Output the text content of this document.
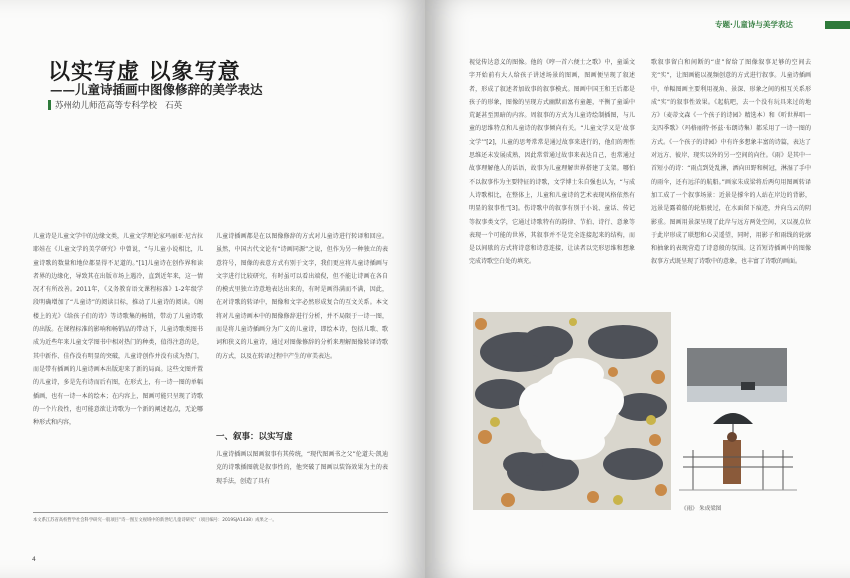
以实写虚 以象写意
——儿童诗插画中图像修辞的美学表达
苏州幼儿师范高等专科学校 石英
儿童诗是儿童文学中的边缘文类，儿童文学理论家玛丽亚·尼古拉耶娃在《儿童文学的美学研究》中曾说，“与儿童小说相比，儿童诗歌的数量和地位都显得不足道的。”[1]儿童诗在创作界和读者界的边缘化，导致其在出版市场上遇冷，直到近年来，这一情况才有所改善。2011年，《义务教育语文课程标准》1-2年级学段明确增加了“儿童诗”的阅读目标，推动了儿童诗的阅读。《阁楼上的光》《给孩子们的诗》等诗歌集的畅销，带动了儿童诗歌的出版。在课程标准的影响和畅销品的带动下，儿童诗歌类图书成为近些年来儿童文学图书中相对热门的种类，值得注意的是，其中新作、佳作没有明显的突破，儿童诗创作并没有成为热门，而是带有插画的儿童诗画本出版迎来了新的局面。这些文图并置的儿童诗，多是先有诗而后有图，在形式上，有一诗一图的单幅插画，也有一诗一本的绘本；在内容上，图画可能只呈现了诗歌的一个片段性，也可能意欲让诗歌为一个新的阐述起点，无论哪种形式和内容，
儿童诗插画都是在以图像修辞的方式对儿童诗进行转译和回应。虽然，中国古代文论有“诗画同源”之说，但作为另一种独立的表意符号，图像的表意方式有别于文字，我们更应将儿童诗插画与文字进行比较研究，有时虽可以看出端倪，但不能让诗画在各自的模式里独立诗意地表达出来的，有时是画得满而不满，因此，在对诗歌的转译中，图像和文字必然形成复合的互文关系。本文将对儿童诗画本中的图像修辞进行分析，并不局限于一诗一图，而是将儿童诗插画分为广义的儿童诗，即绘本诗，包括儿歌、歌词和狭义的儿童诗，通过对图像修辞的分析来理解图像转译诗歌的方式，以及在转译过程中产生的审美表达。
一、叙事：以实写虚
儿童诗插画以图画叙事有其传统，“现代图画书之父”伦道夫·凯迪克的诗歌插图就是叙事性的，他突破了图画以装饰效果为主的表现手法，创造了具有
本文系江苏省高校哲学社会科学研究一般项目“诗一图互文视域中的新世纪儿童诗研究”（项目编号：2019SJA1438）成果之一。
4
专题·儿童诗与美学表达
视觉传达意义的图像。他的《哼一首六便士之歌》中，童谣文字开始前有大人给孩子讲述场景的图画，图画便呈现了叙述者，形成了叙述者加故事的叙事模式。图画中国王和王后都是孩子的形象，图像的呈现方式幽默而富有童趣，平衡了童谣中荒诞甚至黑暗的内容。周叙事的方式为儿童诗绘制插图，与儿童的思维特点和儿童诗的叙事倾向有关。“儿童文学又是‘故事文学’”[2]，儿童的思考常常是通过故事来进行的，他们的理性思维还未发展成熟，因此常常通过故事来表达自己，也常通过故事理解他人的话语，故事为儿童理解世界搭建了支架。哪怕不以叙事作为主要特征的诗歌，文学博士朱自强也认为，“与成人诗歌相比，在整体上，儿童和儿童诗的艺术表现风格依然有明显的叙事性”[3]。伤诗歌中的叙事有别于小说、童话、传记等叙事类文学，它通过诗歌特有的韵律、节拍、诗行、意象等表现一个可能的世界，其叙事并不是完全连接起来的结构，而是以间歇的方式将诗意和诗意连接，让读者以完形思维和想象完成诗歌空白处的填充。
歌叙事留白和间断的“虚”留给了图像叙事足够的空间去充“实”，让图画能以视频创意的方式进行叙事。儿童诗插画中，单幅图画主要利用视角、景深、形象之间的相互关系形成“实”的叙事性效果。《起航吧，去一个没有玩具来过的地方》（麦蒂文森《一个孩子的诗园》精选本）和《听世界唱一支四季歌》（玛格丽特·怀兹·布朗诗集）都采用了一诗一图的方式。《一个孩子的诗园》中有许多想象丰富的诗篇，表达了对远方、彼岸、现实以外的另一空间的向往。《雨》是其中一首短小的诗：“雨点到处乱淋，洒向田野和树冠，淋湿了手中的雨伞，还有远洋的航船。”画家朱成梁将后两句用图画转译加工成了一个叙事场景：近景是撑伞的人站在岸边的背影，远景是露着船的轮船驶过，在水面留下痕迹，并向乌云的阴影重。图画用景深呈现了此岸与远方两处空间，又以视点位于此岸形成了联想和心灵遥望，同时，用影子和雨线的轮廓和抽象的表现营造了诗意般的氛围。这首短诗插画中的图像叙事方式既呈现了诗歌中的意象，也丰富了诗歌的画面。
《雨》 朱成梁图
